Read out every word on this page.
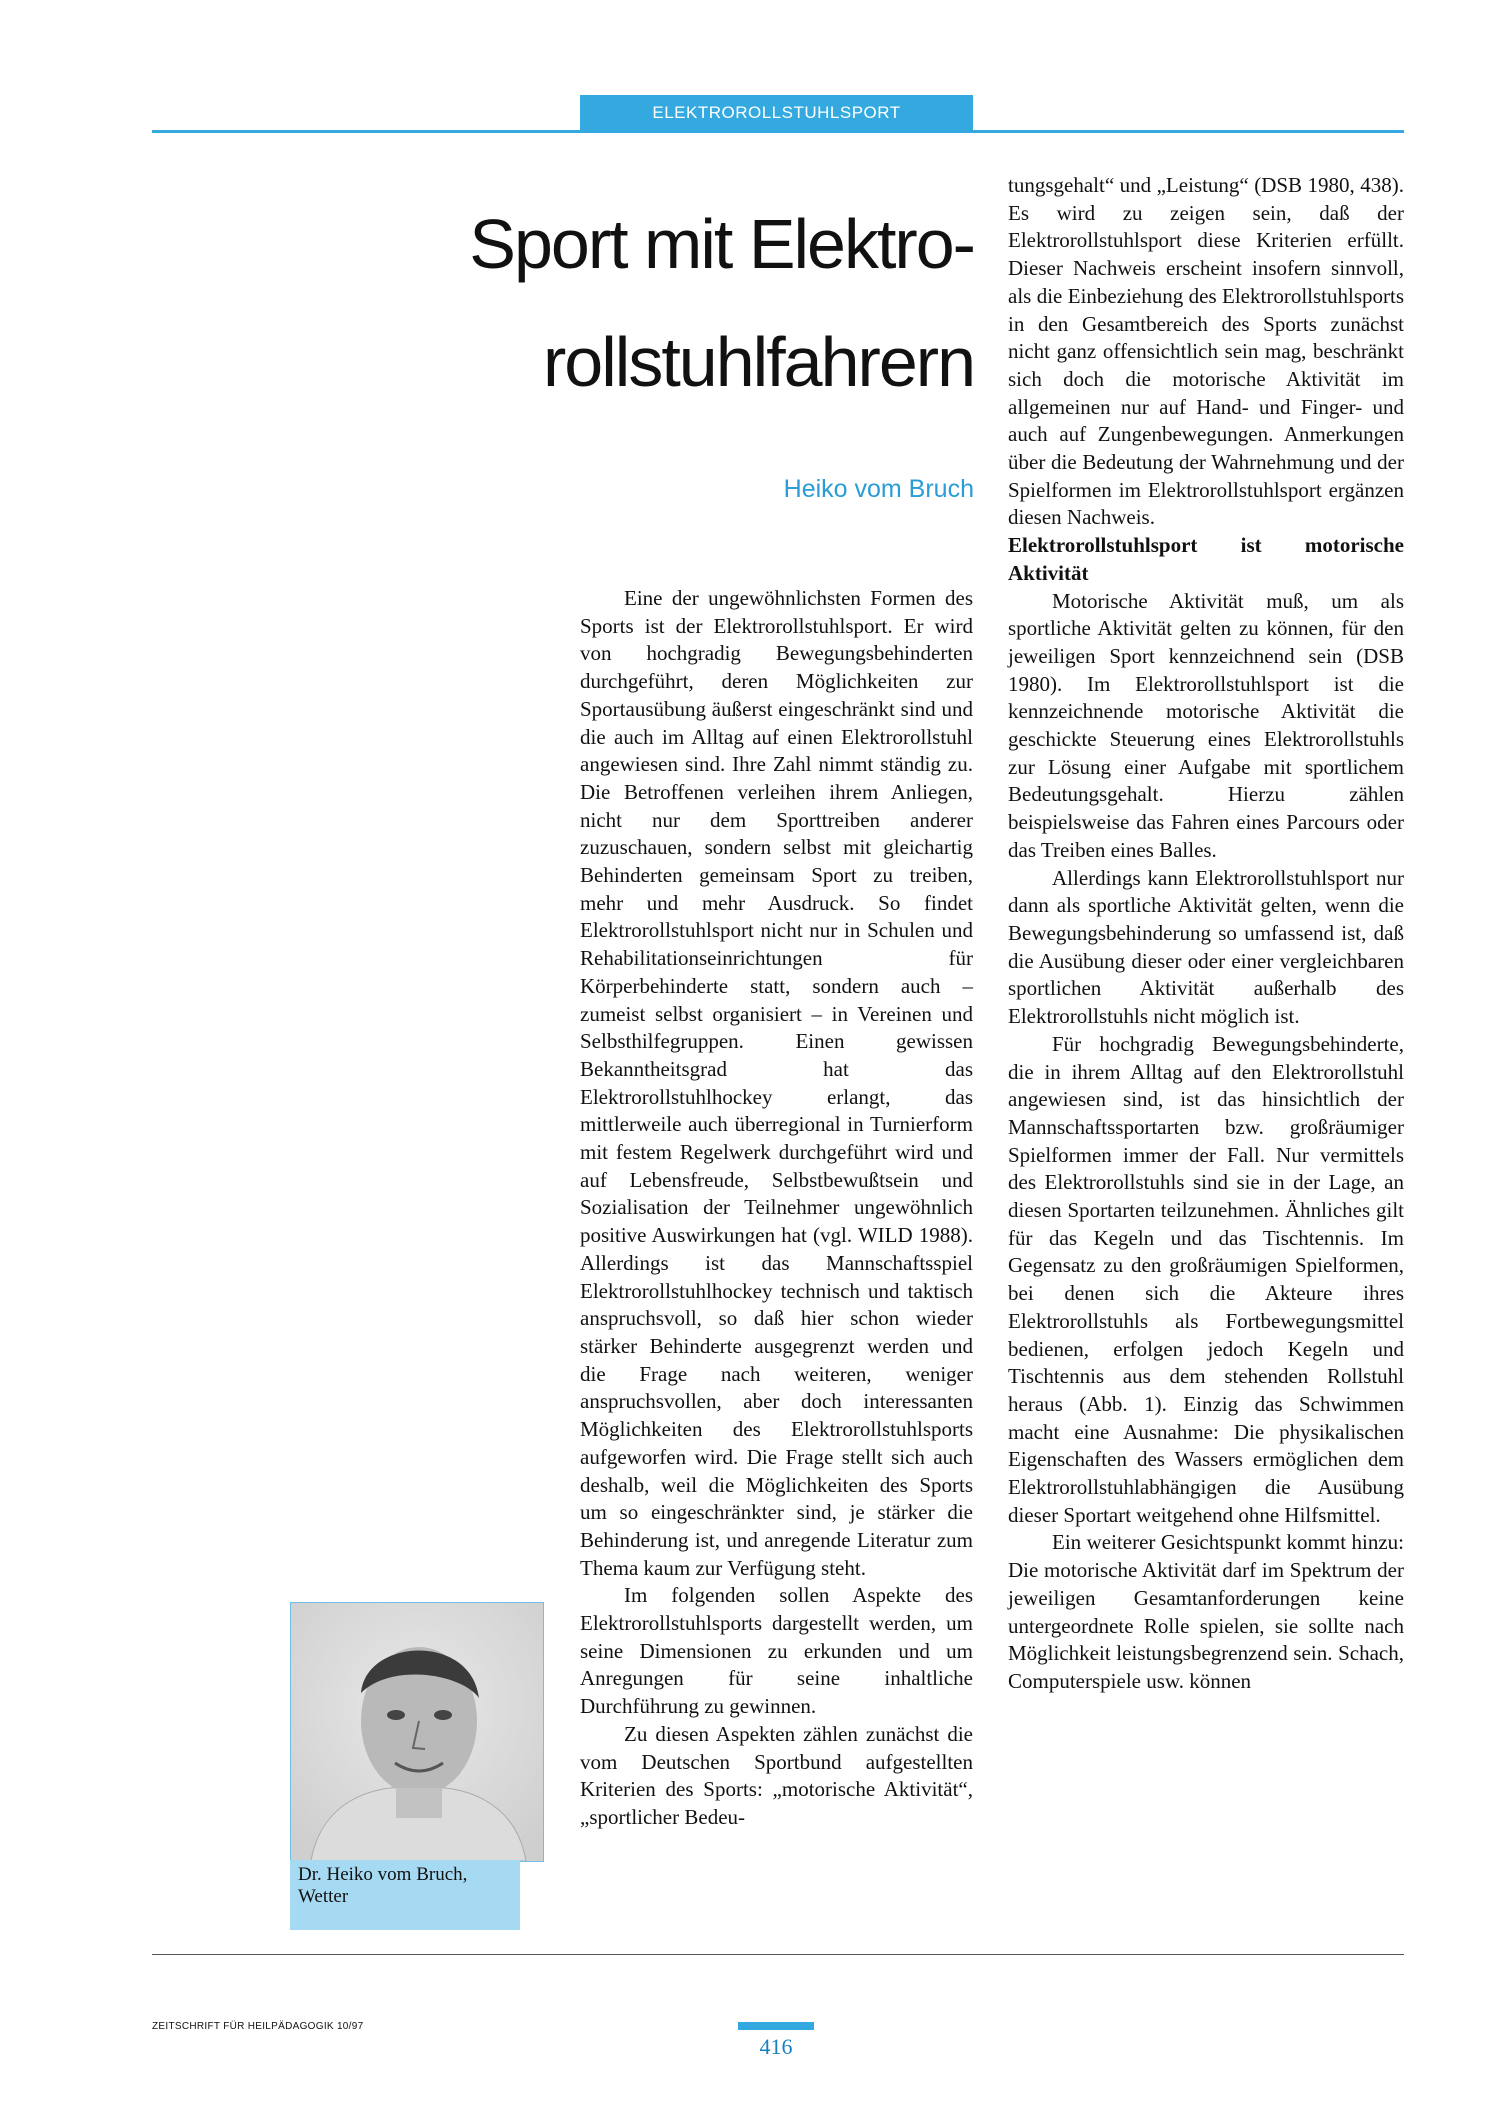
ELEKTROROLLSTUHLSPORT
Sport mit Elektro-
rollstuhlfahrern
Heiko vom Bruch

Eine der ungewöhnlichsten Formen des Sports ist der Elektrorollstuhlsport. Er wird von hochgradig Bewegungsbehinderten durchgeführt, deren Möglichkeiten zur Sportausübung äußerst eingeschränkt sind und die auch im Alltag auf einen Elektrorollstuhl angewiesen sind. Ihre Zahl nimmt ständig zu. Die Betroffenen verleihen ihrem Anliegen, nicht nur dem Sporttreiben anderer zuzuschauen, sondern selbst mit gleichartig Behinderten gemeinsam Sport zu treiben, mehr und mehr Ausdruck. So findet Elektrorollstuhlsport nicht nur in Schulen und Rehabilitationseinrichtungen für Körperbehinderte statt, sondern auch – zumeist selbst organisiert – in Vereinen und Selbsthilfegruppen. Einen gewissen Bekanntheitsgrad hat das Elektrorollstuhlhockey erlangt, das mittlerweile auch überregional in Turnierform mit festem Regelwerk durchgeführt wird und auf Lebensfreude, Selbstbewußtsein und Sozialisation der Teilnehmer ungewöhnlich positive Auswirkungen hat (vgl. WILD 1988). Allerdings ist das Mannschaftsspiel Elektrorollstuhlhockey technisch und taktisch anspruchsvoll, so daß hier schon wieder stärker Behinderte ausgegrenzt werden und die Frage nach weiteren, weniger anspruchsvollen, aber doch interessanten Möglichkeiten des Elektrorollstuhlsports aufgeworfen wird. Die Frage stellt sich auch deshalb, weil die Möglichkeiten des Sports um so eingeschränkter sind, je stärker die Behinderung ist, und anregende Literatur zum Thema kaum zur Verfügung steht.

Im folgenden sollen Aspekte des Elektrorollstuhlsports dargestellt werden, um seine Dimensionen zu erkunden und um Anregungen für seine inhaltliche Durchführung zu gewinnen.

Zu diesen Aspekten zählen zunächst die vom Deutschen Sportbund aufgestellten Kriterien des Sports: „motorische Aktivität“, „sportlicher Bedeu-

tungsgehalt“ und „Leistung“ (DSB 1980, 438). Es wird zu zeigen sein, daß der Elektrorollstuhlsport diese Kriterien erfüllt. Dieser Nachweis erscheint insofern sinnvoll, als die Einbeziehung des Elektrorollstuhlsports in den Gesamtbereich des Sports zunächst nicht ganz offensichtlich sein mag, beschränkt sich doch die motorische Aktivität im allgemeinen nur auf Hand- und Finger- und auch auf Zungenbewegungen. Anmerkungen über die Bedeutung der Wahrnehmung und der Spielformen im Elektrorollstuhlsport ergänzen diesen Nachweis.

Elektrorollstuhlsport ist motorische Aktivität

Motorische Aktivität muß, um als sportliche Aktivität gelten zu können, für den jeweiligen Sport kennzeichnend sein (DSB 1980). Im Elektrorollstuhlsport ist die kennzeichnende motorische Aktivität die geschickte Steuerung eines Elektrorollstuhls zur Lösung einer Aufgabe mit sportlichem Bedeutungsgehalt. Hierzu zählen beispielsweise das Fahren eines Parcours oder das Treiben eines Balles.

Allerdings kann Elektrorollstuhlsport nur dann als sportliche Aktivität gelten, wenn die Bewegungsbehinderung so umfassend ist, daß die Ausübung dieser oder einer vergleichbaren sportlichen Aktivität außerhalb des Elektrorollstuhls nicht möglich ist.

Für hochgradig Bewegungsbehinderte, die in ihrem Alltag auf den Elektrorollstuhl angewiesen sind, ist das hinsichtlich der Mannschaftssportarten bzw. großräumiger Spielformen immer der Fall. Nur vermittels des Elektrorollstuhls sind sie in der Lage, an diesen Sportarten teilzunehmen. Ähnliches gilt für das Kegeln und das Tischtennis. Im Gegensatz zu den großräumigen Spielformen, bei denen sich die Akteure ihres Elektrorollstuhls als Fortbewegungsmittel bedienen, erfolgen jedoch Kegeln und Tischtennis aus dem stehenden Rollstuhl heraus (Abb. 1). Einzig das Schwimmen macht eine Ausnahme: Die physikalischen Eigenschaften des Wassers ermöglichen dem Elektrorollstuhlabhängigen die Ausübung dieser Sportart weitgehend ohne Hilfsmittel.

Ein weiterer Gesichtspunkt kommt hinzu: Die motorische Aktivität darf im Spektrum der jeweiligen Gesamtanforderungen keine untergeordnete Rolle spielen, sie sollte nach Möglichkeit leistungsbegrenzend sein. Schach, Computerspiele usw. können

Dr. Heiko vom Bruch,
Wetter
ZEITSCHRIFT FÜR HEILPÄDAGOGIK 10/97
416
